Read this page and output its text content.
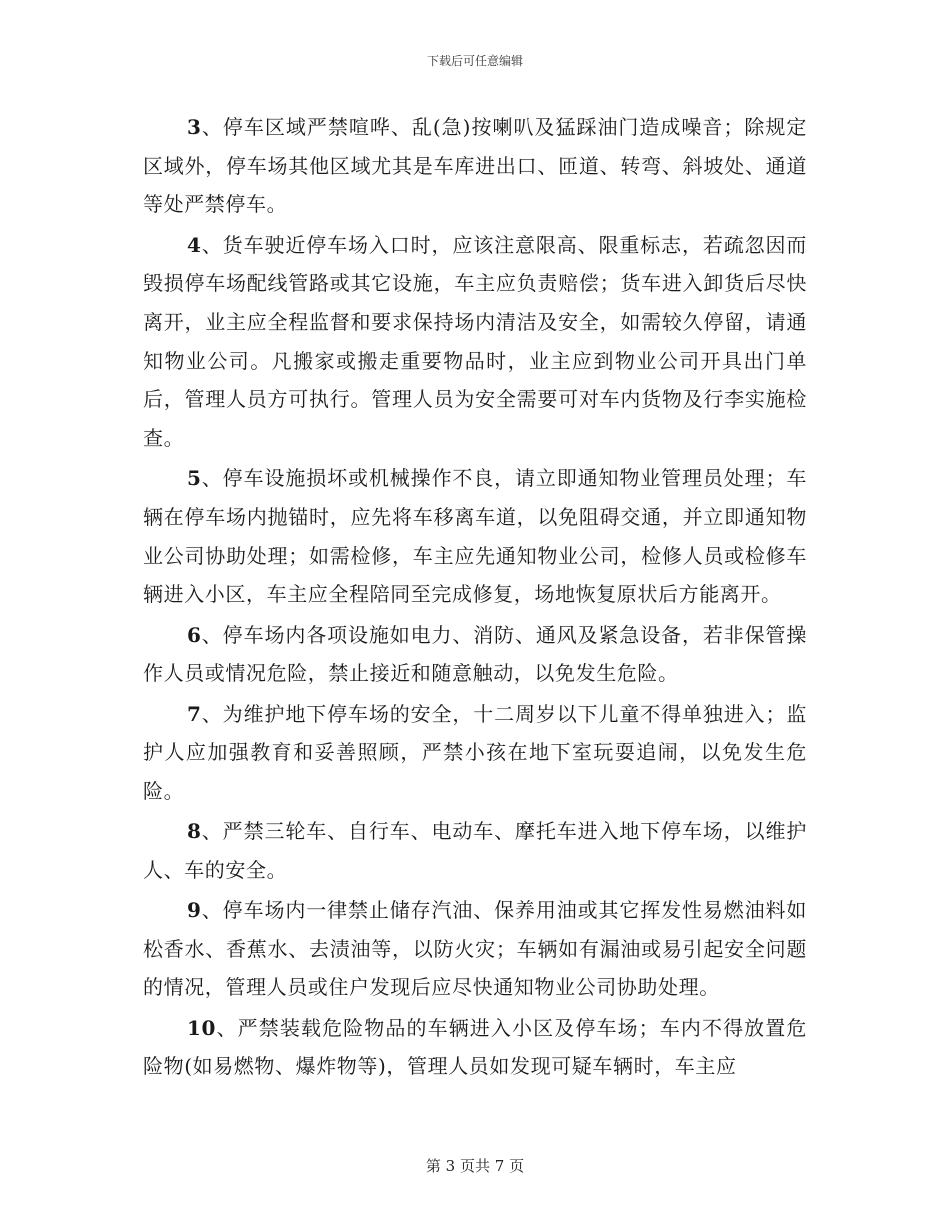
下载后可任意编辑

3、停车区域严禁喧哗、乱(急)按喇叭及猛踩油门造成噪音；除规定区域外，停车场其他区域尤其是车库进出口、匝道、转弯、斜坡处、通道等处严禁停车。

4、货车驶近停车场入口时，应该注意限高、限重标志，若疏忽因而毁损停车场配线管路或其它设施，车主应负责赔偿；货车进入卸货后尽快离开，业主应全程监督和要求保持场内清洁及安全，如需较久停留，请通知物业公司。凡搬家或搬走重要物品时，业主应到物业公司开具出门单后，管理人员方可执行。管理人员为安全需要可对车内货物及行李实施检查。

5、停车设施损坏或机械操作不良，请立即通知物业管理员处理；车辆在停车场内抛锚时，应先将车移离车道，以免阻碍交通，并立即通知物业公司协助处理；如需检修，车主应先通知物业公司，检修人员或检修车辆进入小区，车主应全程陪同至完成修复，场地恢复原状后方能离开。

6、停车场内各项设施如电力、消防、通风及紧急设备，若非保管操作人员或情况危险，禁止接近和随意触动，以免发生危险。

7、为维护地下停车场的安全，十二周岁以下儿童不得单独进入；监护人应加强教育和妥善照顾，严禁小孩在地下室玩耍追闹，以免发生危险。

8、严禁三轮车、自行车、电动车、摩托车进入地下停车场，以维护人、车的安全。

9、停车场内一律禁止储存汽油、保养用油或其它挥发性易燃油料如松香水、香蕉水、去渍油等，以防火灾；车辆如有漏油或易引起安全问题的情况，管理人员或住户发现后应尽快通知物业公司协助处理。

10、严禁装载危险物品的车辆进入小区及停车场；车内不得放置危险物(如易燃物、爆炸物等)，管理人员如发现可疑车辆时，车主应

第 3 页共 7 页
